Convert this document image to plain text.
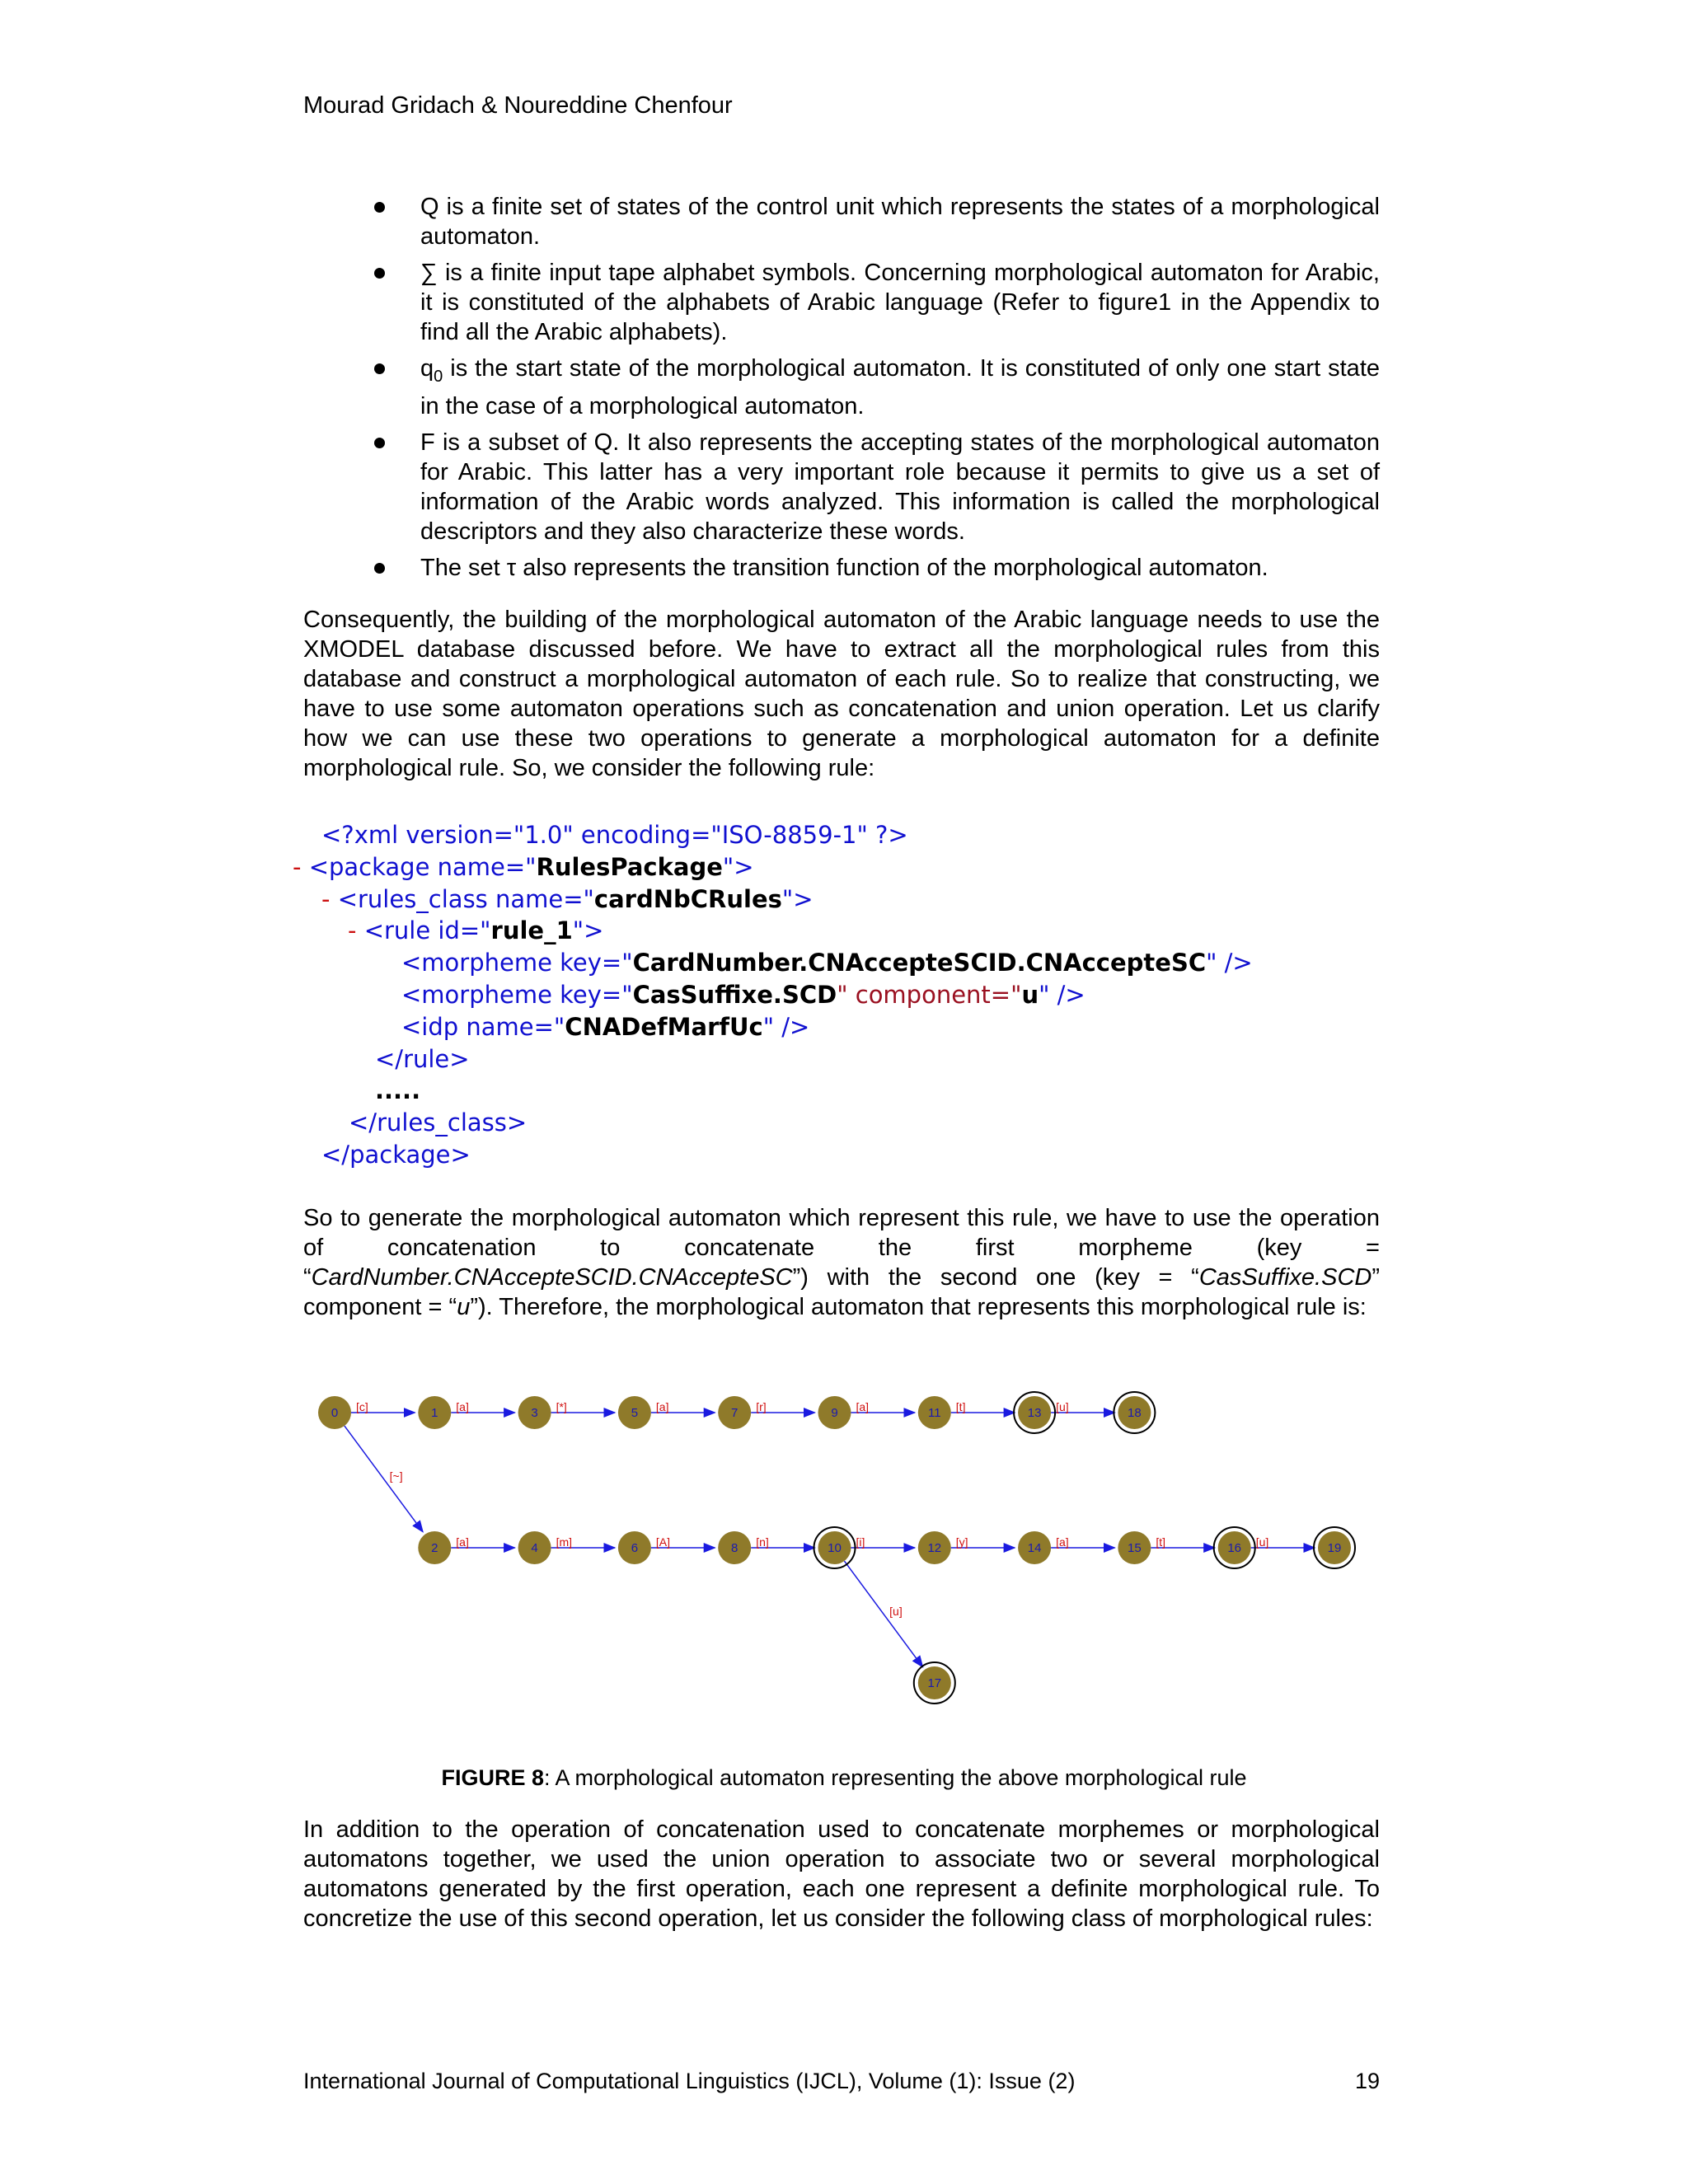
Mourad Gridach & Noureddine Chenfour
Q is a finite set of states of the control unit which represents the states of a morphological automaton.
∑ is a finite input tape alphabet symbols. Concerning morphological automaton for Arabic, it is constituted of the alphabets of Arabic language (Refer to figure1 in the Appendix to find all the Arabic alphabets).
$q_0$ is the start state of the morphological automaton. It is constituted of only one start state in the case of a morphological automaton.
F is a subset of Q. It also represents the accepting states of the morphological automaton for Arabic. This latter has a very important role because it permits to give us a set of information of the Arabic words analyzed. This information is called the morphological descriptors and they also characterize these words.
The set τ also represents the transition function of the morphological automaton.

Consequently, the building of the morphological automaton of the Arabic language needs to use the XMODEL database discussed before. We have to extract all the morphological rules from this database and construct a morphological automaton of each rule. So to realize that constructing, we have to use some automaton operations such as concatenation and union operation. Let us clarify how we can use these two operations to generate a morphological automaton for a definite morphological rule. So, we consider the following rule:

<?xml version="1.0" encoding="ISO-8859-1" ?>
- <package name="RulesPackage">
- <rules_class name="cardNbCRules">
- <rule id="rule_1">
<morpheme key="CardNumber.CNAccepteSCID.CNAccepteSC" />
<morpheme key="CasSuffixe.SCD" component="u" />
<idp name="CNADefMarfUc" />
</rule>
.....
</rules_class>
</package>

So to generate the morphological automaton which represent this rule, we have to use the operation of concatenation to concatenate the first morpheme (key = “CardNumber.CNAccepteSCID.CNAccepteSC”) with the second one (key = “CasSuffixe.SCD” component = “u”). Therefore, the morphological automaton that represents this morphological rule is:

[c]	[a]	[*]	[a]	[r]	[a]	[t]	[u]
[~]
[a]	[m]	[A]	[n]	[i]	[y]	[a]	[t]	[u]
[u]
0	1	3	5	7	9	11	13	18
2	4	6	8	10	12	14	15	16	19
17
FIGURE 8: A morphological automaton representing the above morphological rule

In addition to the operation of concatenation used to concatenate morphemes or morphological automatons together, we used the union operation to associate two or several morphological automatons generated by the first operation, each one represent a definite morphological rule. To concretize the use of this second operation, let us consider the following class of morphological rules:

International Journal of Computational Linguistics (IJCL), Volume (1): Issue (2)	19
